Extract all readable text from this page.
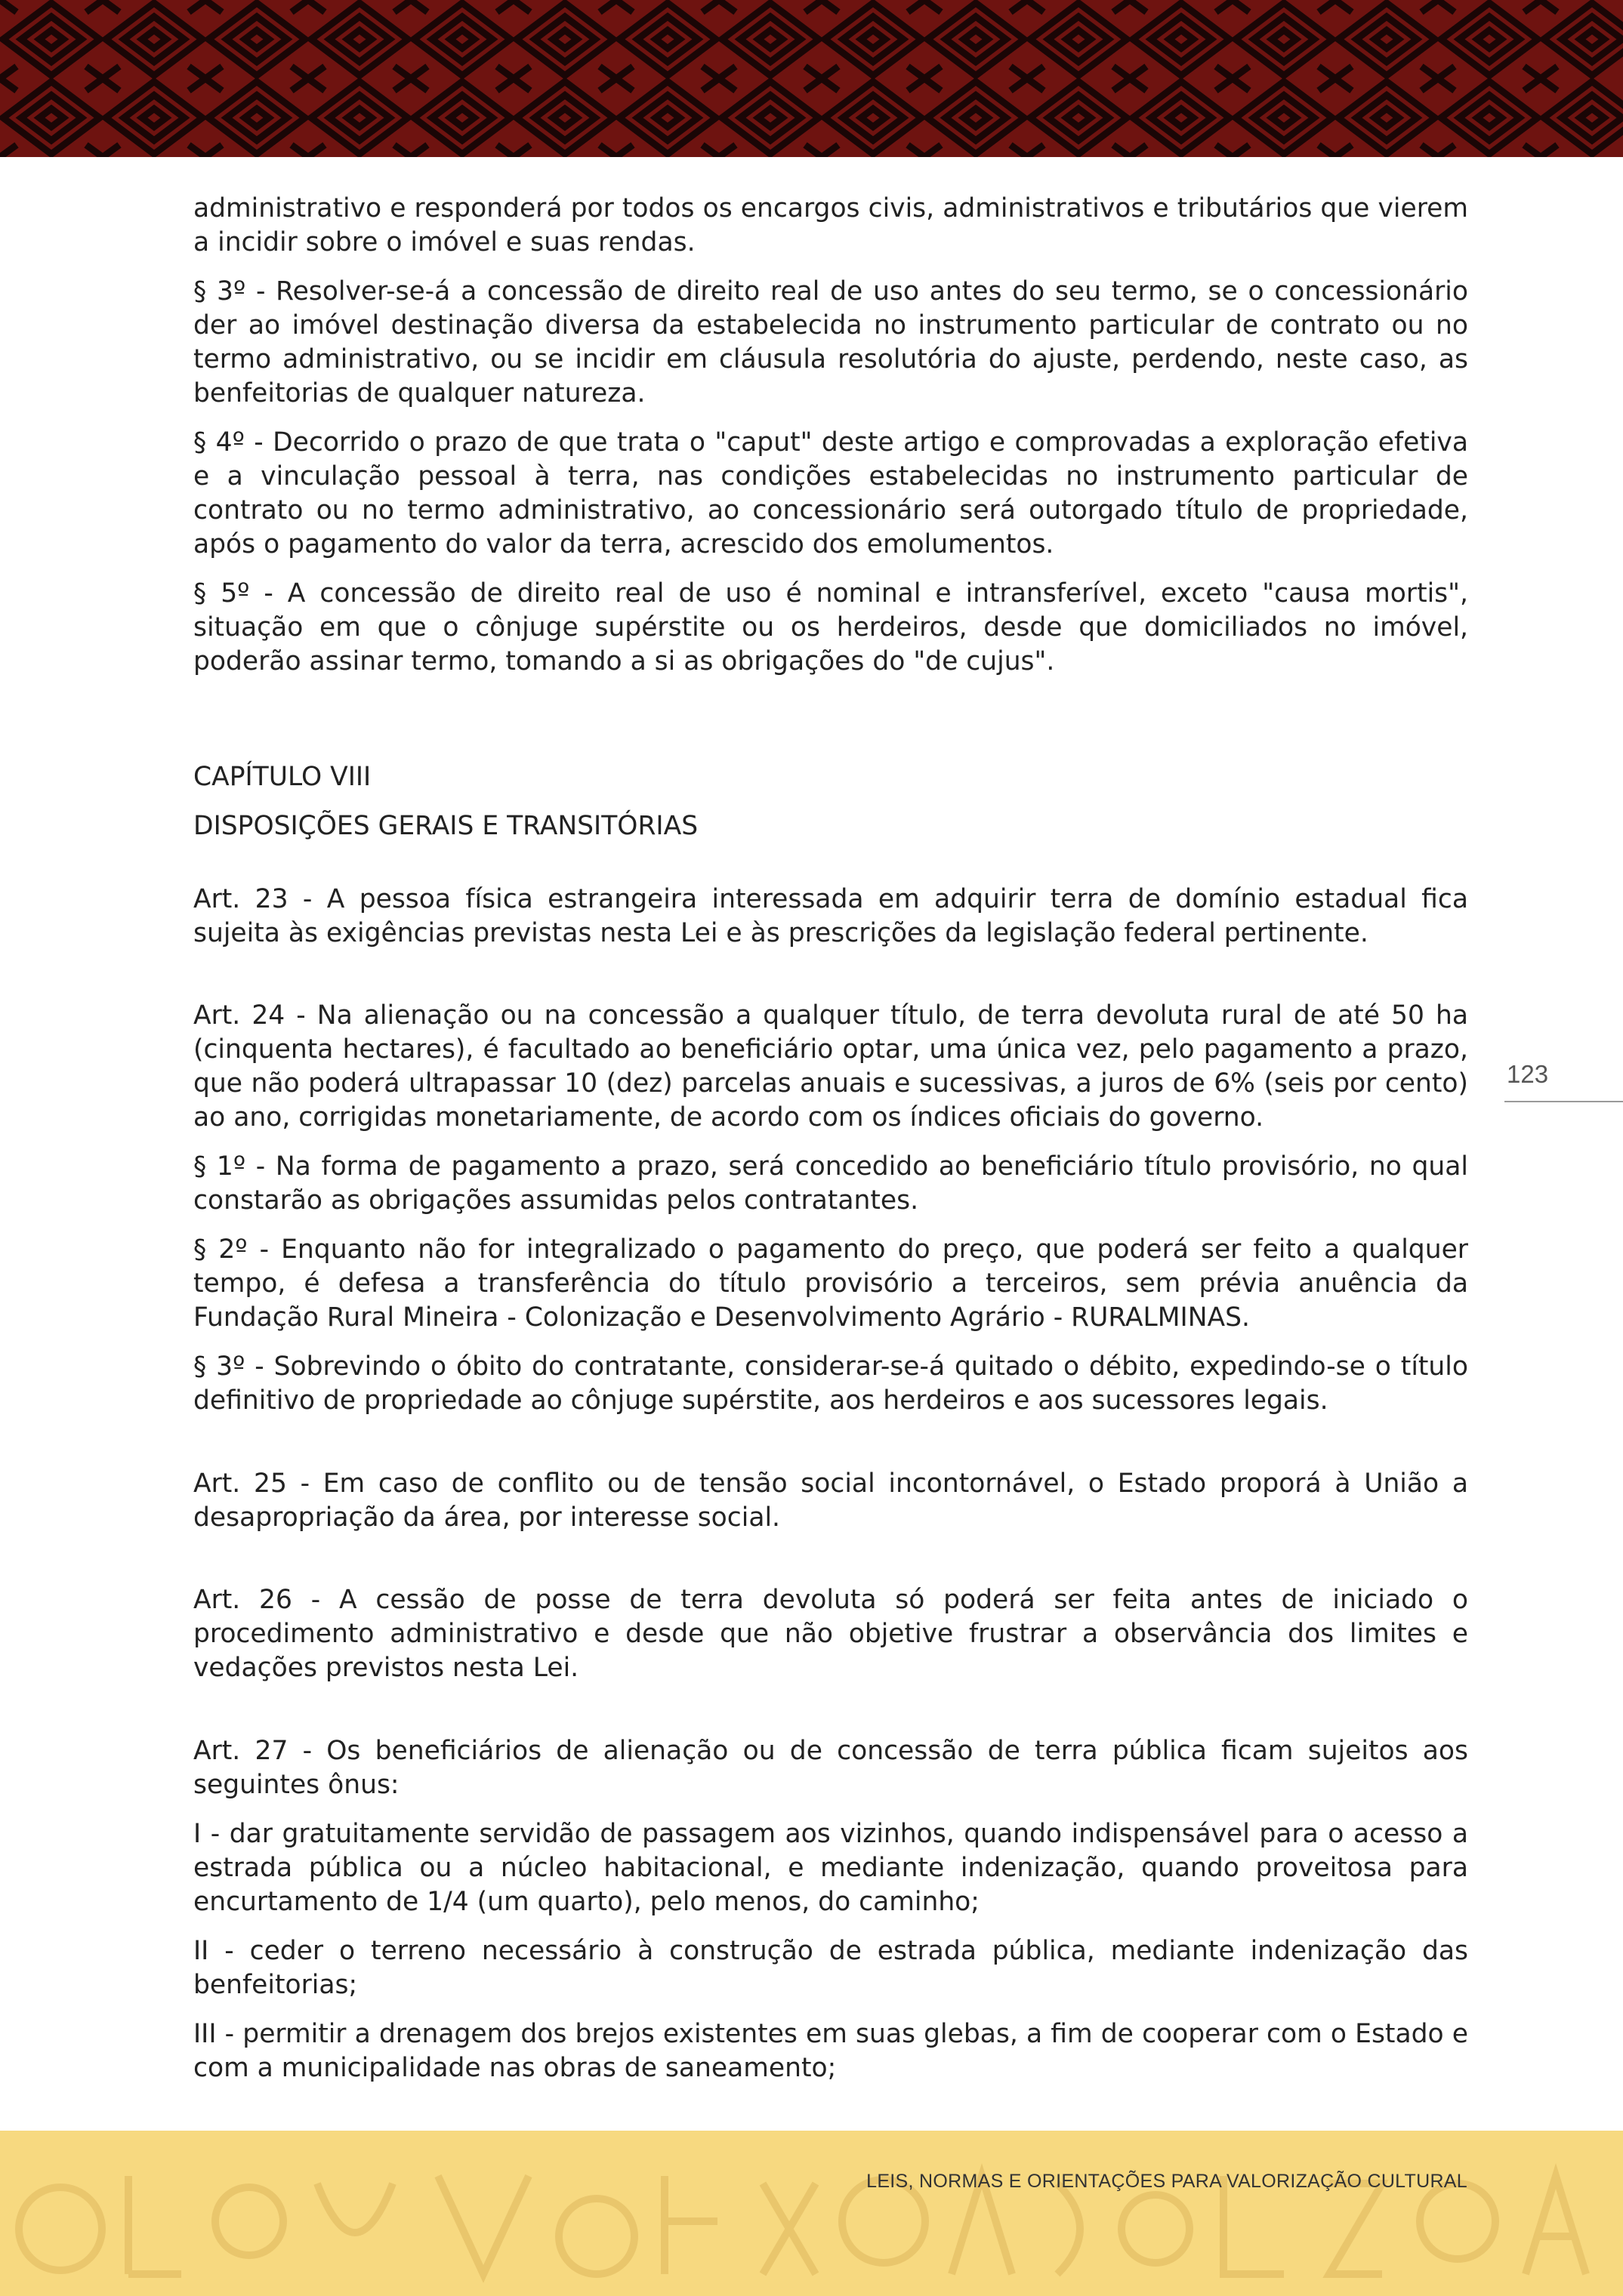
administrativo e responderá por todos os encargos civis, administrativos e tributários que vierem a incidir sobre o imóvel e suas rendas.

§ 3º - Resolver-se-á a concessão de direito real de uso antes do seu termo, se o concessionário der ao imóvel destinação diversa da estabelecida no instrumento particular de contrato ou no termo administrativo, ou se incidir em cláusula resolutória do ajuste, perdendo, neste caso, as benfeitorias de qualquer natureza.

§ 4º - Decorrido o prazo de que trata o "caput" deste artigo e comprovadas a exploração efetiva e a vinculação pessoal à terra, nas condições estabelecidas no instrumento particular de contrato ou no termo administrativo, ao concessionário será outorgado título de propriedade, após o pagamento do valor da terra, acrescido dos emolumentos.

§ 5º - A concessão de direito real de uso é nominal e intransferível, exceto "causa mortis", situação em que o cônjuge supérstite ou os herdeiros, desde que domiciliados no imóvel, poderão assinar termo, tomando a si as obrigações do "de cujus".

CAPÍTULO VIII

DISPOSIÇÕES GERAIS E TRANSITÓRIAS

Art. 23 - A pessoa física estrangeira interessada em adquirir terra de domínio estadual fica sujeita às exigências previstas nesta Lei e às prescrições da legislação federal pertinente.

Art. 24 - Na alienação ou na concessão a qualquer título, de terra devoluta rural de até 50 ha (cinquenta hectares), é facultado ao beneficiário optar, uma única vez, pelo pagamento a prazo, que não poderá ultrapassar 10 (dez) parcelas anuais e sucessivas, a juros de 6% (seis por cento) ao ano, corrigidas monetariamente, de acordo com os índices oficiais do governo.

§ 1º - Na forma de pagamento a prazo, será concedido ao beneficiário título provisório, no qual constarão as obrigações assumidas pelos contratantes.

§ 2º - Enquanto não for integralizado o pagamento do preço, que poderá ser feito a qualquer tempo, é defesa a transferência do título provisório a terceiros, sem prévia anuência da Fundação Rural Mineira - Colonização e Desenvolvimento Agrário - RURALMINAS.

§ 3º - Sobrevindo o óbito do contratante, considerar-se-á quitado o débito, expedindo-se o título definitivo de propriedade ao cônjuge supérstite, aos herdeiros e aos sucessores legais.

Art. 25 - Em caso de conflito ou de tensão social incontornável, o Estado proporá à União a desapropriação da área, por interesse social.

Art. 26 - A cessão de posse de terra devoluta só poderá ser feita antes de iniciado o procedimento administrativo e desde que não objetive frustrar a observância dos limites e vedações previstos nesta Lei.

Art. 27 - Os beneficiários de alienação ou de concessão de terra pública ficam sujeitos aos seguintes ônus:

I - dar gratuitamente servidão de passagem aos vizinhos, quando indispensável para o acesso a estrada pública ou a núcleo habitacional, e mediante indenização, quando proveitosa para encurtamento de 1/4 (um quarto), pelo menos, do caminho;

II - ceder o terreno necessário à construção de estrada pública, mediante indenização das benfeitorias;

III - permitir a drenagem dos brejos existentes em suas glebas, a fim de cooperar com o Estado e com a municipalidade nas obras de saneamento;

123
LEIS, NORMAS E ORIENTAÇÕES PARA VALORIZAÇÃO CULTURAL
